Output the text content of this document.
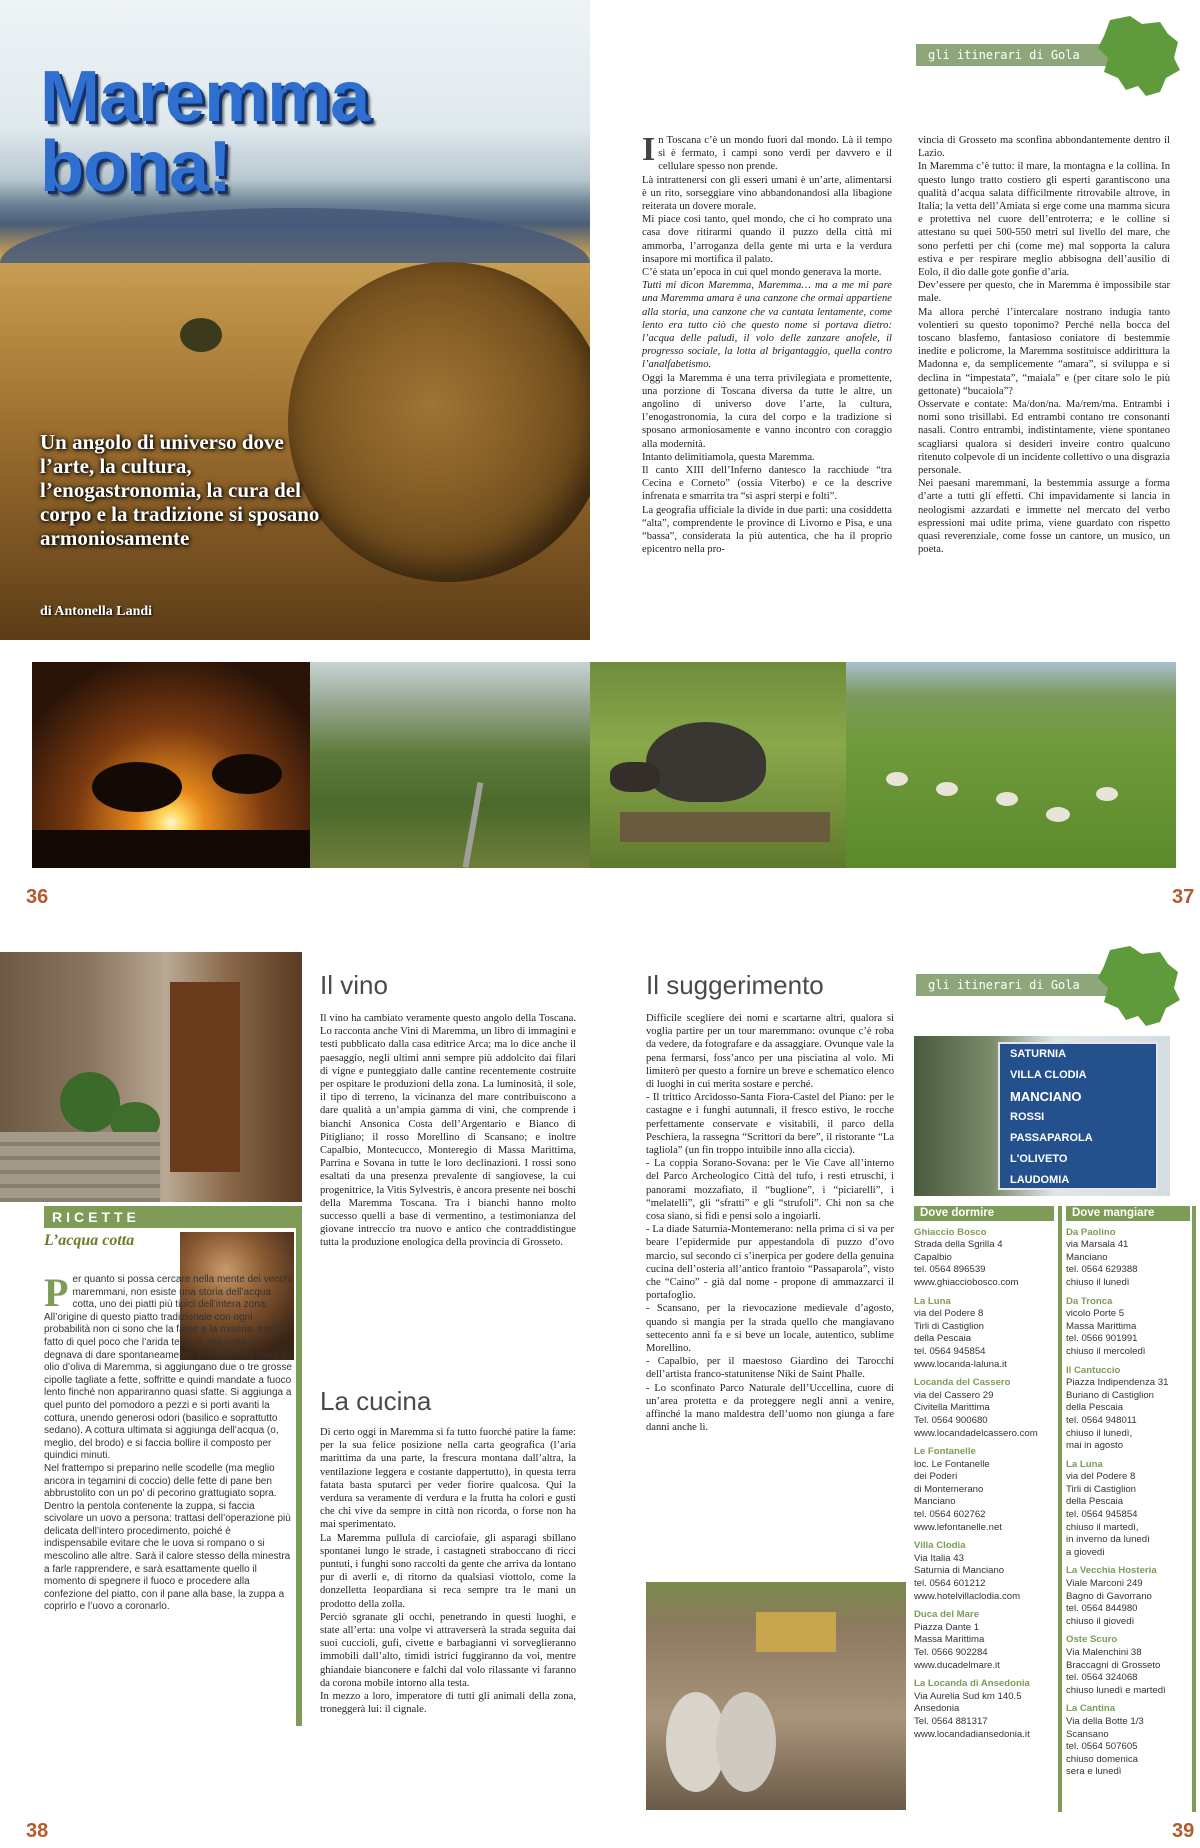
Maremma
bona!
Un angolo di universo dove l’arte, la cultura, l’enogastronomia, la cura del corpo e la tradizione si sposano armoniosamente
di Antonella Landi
36
gli itinerari di Gola

In Toscana c’è un mondo fuori dal mondo. Là il tempo si è fermato, i campi sono verdi per davvero e il cellulare spesso non prende.

Là intrattenersi con gli esseri umani è un’arte, alimentarsi è un rito, sorseggiare vino abbandonandosi alla libagione reiterata un dovere morale.

Mi piace così tanto, quel mondo, che ci ho comprato una casa dove ritirarmi quando il puzzo della città mi ammorba, l’arroganza della gente mi urta e la verdura insapore mi mortifica il palato.

C’è stata un’epoca in cui quel mondo generava la morte.

Tutti mi dicon Maremma, Maremma… ma a me mi pare una Maremma amara è una canzone che ormai appartiene alla storia, una canzone che va cantata lentamente, come lento era tutto ciò che questo nome si portava dietro: l’acqua delle paludi, il volo delle zanzare anofele, il progresso sociale, la lotta al brigantaggio, quella contro l’analfabetismo.

Oggi la Maremma è una terra privilegiata e promettente, una porzione di Toscana diversa da tutte le altre, un angolino di universo dove l’arte, la cultura, l’enogastronomia, la cura del corpo e la tradizione si sposano armoniosamente e vanno incontro con coraggio alla modernità.

Intanto delimitiamola, questa Maremma.

Il canto XIII dell’Inferno dantesco la racchiude “tra Cecina e Corneto” (ossia Viterbo) e ce la descrive infrenata e smarrita tra “sì aspri sterpi e folti”.

La geografia ufficiale la divide in due parti: una cosiddetta “alta”, comprendente le province di Livorno e Pisa, e una “bassa”, considerata la più autentica, che ha il proprio epicentro nella pro-

vincia di Grosseto ma sconfina abbondantemente dentro il Lazio.

In Maremma c’è tutto: il mare, la montagna e la collina. In questo lungo tratto costiero gli esperti garantiscono una qualità d’acqua salata difficilmente ritrovabile altrove, in Italia; la vetta dell’Amiata si erge come una mamma sicura e protettiva nel cuore dell’entroterra; e le colline si attestano su quei 500-550 metri sul livello del mare, che sono perfetti per chi (come me) mal sopporta la calura estiva e per respirare meglio abbisogna dell’ausilio di Eolo, il dio dalle gote gonfie d’aria.

Dev’essere per questo, che in Maremma è impossibile star male.

Ma allora perché l’intercalare nostrano indugia tanto volentieri su questo toponimo? Perché nella bocca del toscano blasfemo, fantasioso coniatore di bestemmie inedite e policrome, la Maremma sostituisce addirittura la Madonna e, da semplicemente “amara”, si sviluppa e si declina in “impestata”, “maiala” e (per citare solo le più gettonate) “bucaiola”?

Osservate e contate: Ma/don/na. Ma/rem/ma. Entrambi i nomi sono trisillabi. Ed entrambi contano tre consonanti nasali. Contro entrambi, indistintamente, viene spontaneo scagliarsi qualora si desideri inveire contro qualcuno ritenuto colpevole di un incidente collettivo o una disgrazia personale.

Nei paesani maremmani, la bestemmia assurge a forma d’arte a tutti gli effetti. Chi impavidamente si lancia in neologismi azzardati e immette nel mercato del verbo espressioni mai udite prima, viene guardato con rispetto quasi reverenziale, come fosse un cantore, un musico, un poeta.

37
RICETTE
L’acqua cotta

Per quanto si possa cercare nella mente dei vecchi maremmani, non esiste una storia dell’acqua cotta, uno dei piatti più tipici dell’intera zona. All’origine di questo piatto tradizionale con ogni probabilità non ci sono che la fame e la miseria: esso è fatto di quel poco che l’arida terra di una volta si degnava di dare spontaneamente. A una buona base di olio d’oliva di Maremma, si aggiungano due o tre grosse cipolle tagliate a fette, soffritte e quindi mandate a fuoco lento finché non appariranno quasi sfatte. Si aggiunga a quel punto del pomodoro a pezzi e si porti avanti la cottura, unendo generosi odori (basilico e soprattutto sedano). A cottura ultimata si aggiunga dell’acqua (o, meglio, del brodo) e si faccia bollire il composto per quindici minuti.

Nel frattempo si preparino nelle scodelle (ma meglio ancora in tegamini di coccio) delle fette di pane ben abbrustolito con un po’ di pecorino grattugiato sopra.

Dentro la pentola contenente la zuppa, si faccia scivolare un uovo a persona: trattasi dell’operazione più delicata dell’intero procedimento, poiché è indispensabile evitare che le uova si rompano o si mescolino alle altre. Sarà il calore stesso della minestra a farle rapprendere, e sarà esattamente quello il momento di spegnere il fuoco e procedere alla confezione del piatto, con il pane alla base, la zuppa a coprirlo e l’uovo a coronarlo.

Il vino

Il vino ha cambiato veramente questo angolo della Toscana. Lo racconta anche Vini di Maremma, un libro di immagini e testi pubblicato dalla casa editrice Arca; ma lo dice anche il paesaggio, negli ultimi anni sempre più addolcito dai filari di vigne e punteggiato dalle cantine recentemente costruite per ospitare le produzioni della zona. La luminosità, il sole, il tipo di terreno, la vicinanza del mare contribuiscono a dare qualità a un’ampia gamma di vini, che comprende i bianchi Ansonica Costa dell’Argentario e Bianco di Pitigliano; il rosso Morellino di Scansano; e inoltre Capalbio, Montecucco, Monteregio di Massa Marittima, Parrina e Sovana in tutte le loro declinazioni. I rossi sono esaltati da una presenza prevalente di sangiovese, la cui progenitrice, la Vitis Sylvestris, è ancora presente nei boschi della Maremma Toscana. Tra i bianchi hanno molto successo quelli a base di vermentino, a testimonianza del giovane intreccio tra nuovo e antico che contraddistingue tutta la produzione enologica della provincia di Grosseto.

La cucina

Di certo oggi in Maremma si fa tutto fuorché patire la fame: per la sua felice posizione nella carta geografica (l’aria marittima da una parte, la frescura montana dall’altra, la ventilazione leggera e costante dappertutto), in questa terra fatata basta sputarci per veder fiorire qualcosa. Qui la verdura sa veramente di verdura e la frutta ha colori e gusti che chi vive da sempre in città non ricorda, o forse non ha mai sperimentato.

La Maremma pullula di carciofaie, gli asparagi sbillano spontanei lungo le strade, i castagneti straboccano di ricci puntuti, i funghi sono raccolti da gente che arriva da lontano pur di averli e, di ritorno da qualsiasi viottolo, come la donzelletta leopardiana si reca sempre tra le mani un prodotto della zolla.

Perciò sgranate gli occhi, penetrando in questi luoghi, e state all’erta: una volpe vi attraverserà la strada seguita dai suoi cuccioli, gufi, civette e barbagianni vi sorveglieranno immobili dall’alto, timidi istrici fuggiranno da voi, mentre ghiandaie bianconere e falchi dal volo rilassante vi faranno da corona mobile intorno alla testa.

In mezzo a loro, imperatore di tutti gli animali della zona, troneggerà lui: il cignale.

38
gli itinerari di Gola
Il suggerimento

Difficile scegliere dei nomi e scartarne altri, qualora si voglia partire per un tour maremmano: ovunque c’è roba da vedere, da fotografare e da assaggiare. Ovunque vale la pena fermarsi, foss’anco per una pisciatina al volo. Mi limiterò per questo a fornire un breve e schematico elenco di luoghi in cui merita sostare e perché.

- Il trittico Arcidosso-Santa Fiora-Castel del Piano: per le castagne e i funghi autunnali, il fresco estivo, le rocche perfettamente conservate e visitabili, il parco della Peschiera, la rassegna “Scrittori da bere”, il ristorante “La tagliola” (un fin troppo intuibile inno alla ciccia).

- La coppia Sorano-Sovana: per le Vie Cave all’interno del Parco Archeologico Città del tufo, i resti etruschi, i panorami mozzafiato, il “buglione”, i “piciarelli”, i “melatelli”, gli “sfratti” e gli “strufoli”. Chi non sa che cosa siano, si fidi e pensi solo a ingoiarli.

- La diade Saturnia-Montemerano: nella prima ci si va per beare l’epidermide pur appestandola di puzzo d’ovo marcio, sul secondo ci s’inerpica per godere della genuina cucina dell’osteria all’antico frantoio “Passaparola”, visto che “Caino” - già dal nome - propone di ammazzarci il portafoglio.

- Scansano, per la rievocazione medievale d’agosto, quando si mangia per la strada quello che mangiavano settecento anni fa e si beve un locale, autentico, sublime Morellino.

- Capalbio, per il maestoso Giardino dei Tarocchi dell’artista franco-statunitense Niki de Saint Phalle.

- Lo sconfinato Parco Naturale dell’Uccellina, cuore di un’area protetta e da proteggere negli anni a venire, affinché la mano maldestra dell’uomo non giunga a fare danni anche lì.

SATURNIA
VILLA CLODIA
MANCIANO
ROSSI
PASSAPAROLA
L'OLIVETO
LAUDOMIA
Dove dormire
Ghiaccio Bosco
Strada della Sgrilla 4
Capalbio
tel. 0564 896539
www.ghiacciobosco.com
La Luna
via del Podere 8
Tirli di Castiglion
della Pescaia
tel. 0564 945854
www.locanda-laluna.it
Locanda del Cassero
via del Cassero 29
Civitella Marittima
Tel. 0564 900680
www.locandadelcassero.com
Le Fontanelle
loc. Le Fontanelle
dei Poderi
di Montemerano
Manciano
tel. 0564 602762
www.lefontanelle.net
Villa Clodia
Via Italia 43
Saturnia di Manciano
tel. 0564 601212
www.hotelvillaclodia.com
Duca del Mare
Piazza Dante 1
Massa Marittima
Tel. 0566 902284
www.ducadelmare.it
La Locanda di Ansedonia
Via Aurelia Sud km 140.5
Ansedonia
Tel. 0564 881317
www.locandadiansedonia.it
Dove mangiare
Da Paolino
via Marsala 41
Manciano
tel. 0564 629388
chiuso il lunedì
Da Tronca
vicolo Porte 5
Massa Marittima
tel. 0566 901991
chiuso il mercoledì
Il Cantuccio
Piazza Indipendenza 31
Buriano di Castiglion
della Pescaia
tel. 0564 948011
chiuso il lunedì,
mai in agosto
La Luna
via del Podere 8
Tirli di Castiglion
della Pescaia
tel. 0564 945854
chiuso il martedì,
in inverno da lunedì
a giovedì
La Vecchia Hosteria
Viale Marconi 249
Bagno di Gavorrano
tel. 0564 844980
chiuso il giovedì
Oste Scuro
Via Malenchini 38
Braccagni di Grosseto
tel. 0564 324068
chiuso lunedì e martedì
La Cantina
Via della Botte 1/3
Scansano
tel. 0564 507605
chiuso domenica
sera e lunedì
39
